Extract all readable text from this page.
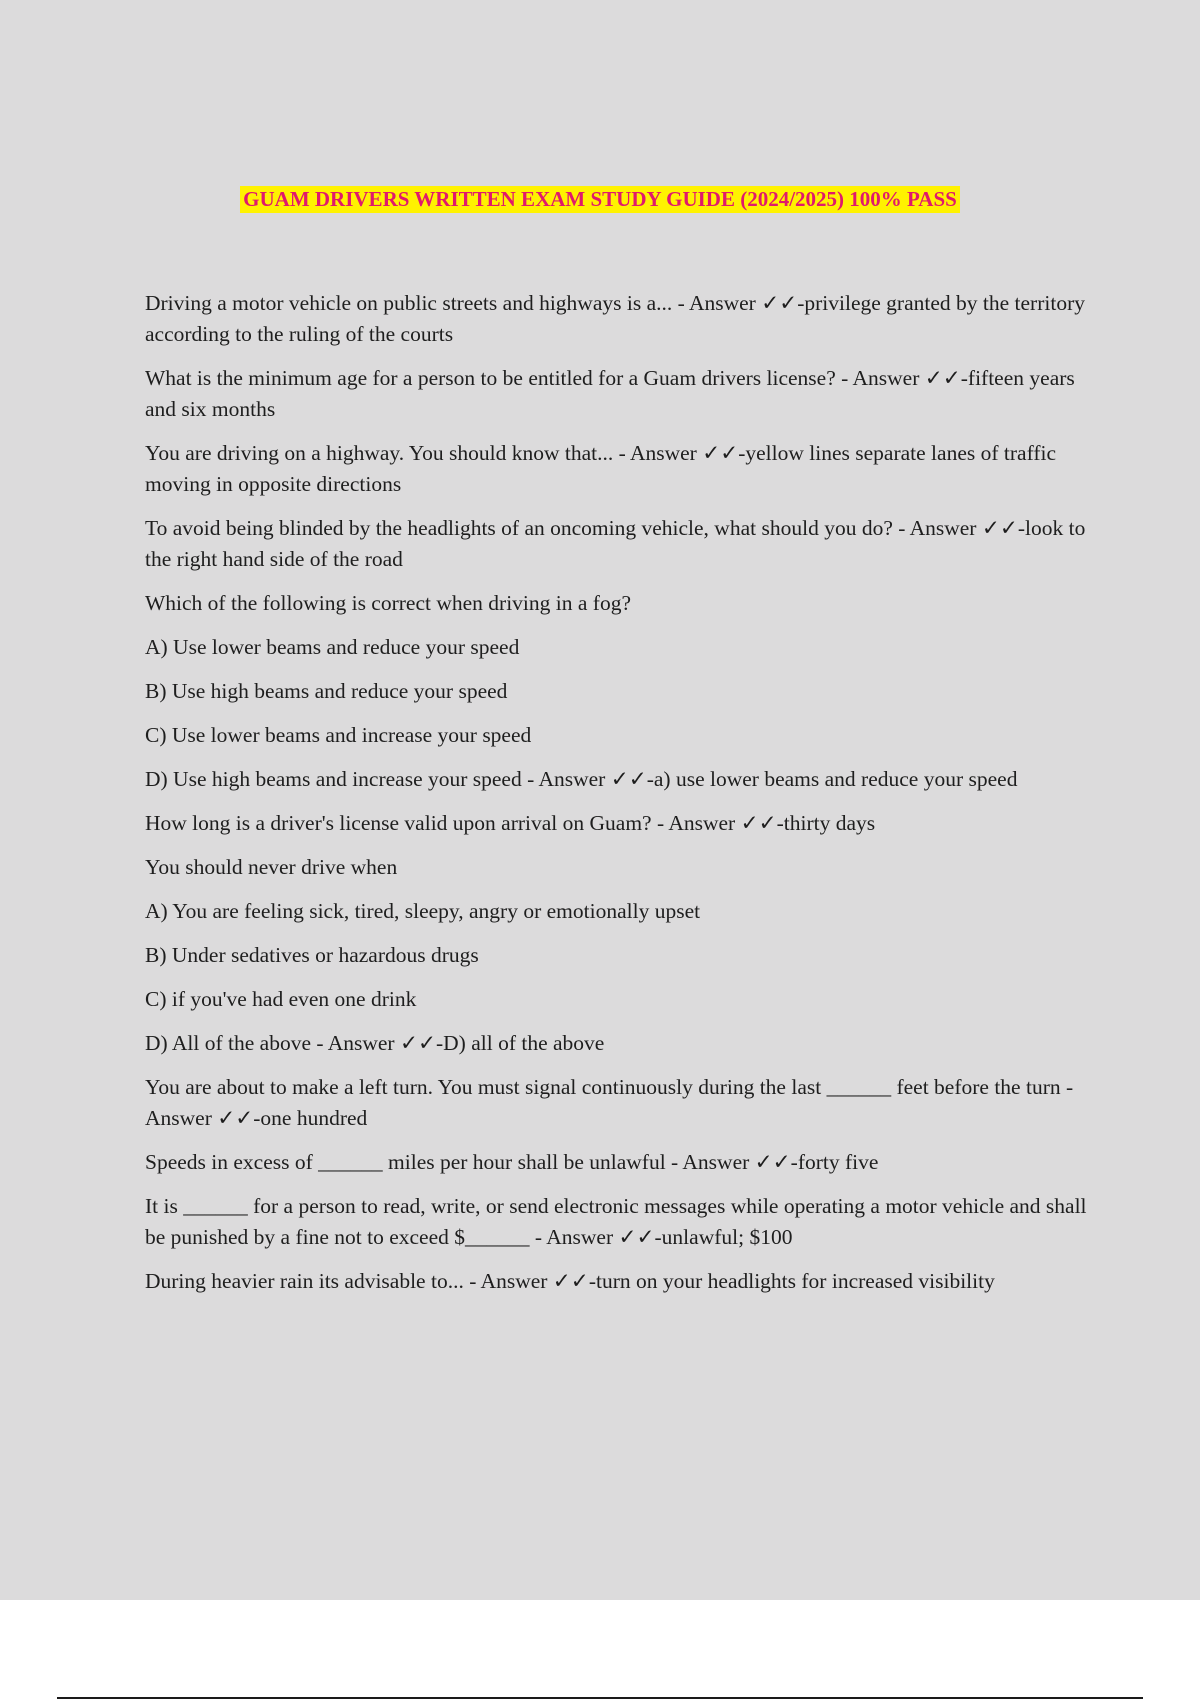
GUAM DRIVERS WRITTEN EXAM STUDY GUIDE (2024/2025) 100% PASS

Driving a motor vehicle on public streets and highways is a... - Answer ✓✓-privilege granted by the territory according to the ruling of the courts

What is the minimum age for a person to be entitled for a Guam drivers license? - Answer ✓✓-fifteen years and six months

You are driving on a highway. You should know that... - Answer ✓✓-yellow lines separate lanes of traffic moving in opposite directions

To avoid being blinded by the headlights of an oncoming vehicle, what should you do? - Answer ✓✓-look to the right hand side of the road

Which of the following is correct when driving in a fog?

A) Use lower beams and reduce your speed

B) Use high beams and reduce your speed

C) Use lower beams and increase your speed

D) Use high beams and increase your speed - Answer ✓✓-a) use lower beams and reduce your speed

How long is a driver's license valid upon arrival on Guam? - Answer ✓✓-thirty days

You should never drive when

A) You are feeling sick, tired, sleepy, angry or emotionally upset

B) Under sedatives or hazardous drugs

C) if you've had even one drink

D) All of the above - Answer ✓✓-D) all of the above

You are about to make a left turn. You must signal continuously during the last ______ feet before the turn - Answer ✓✓-one hundred

Speeds in excess of ______ miles per hour shall be unlawful - Answer ✓✓-forty five

It is ______ for a person to read, write, or send electronic messages while operating a motor vehicle and shall be punished by a fine not to exceed $______ - Answer ✓✓-unlawful; $100

During heavier rain its advisable to... - Answer ✓✓-turn on your headlights for increased visibility
